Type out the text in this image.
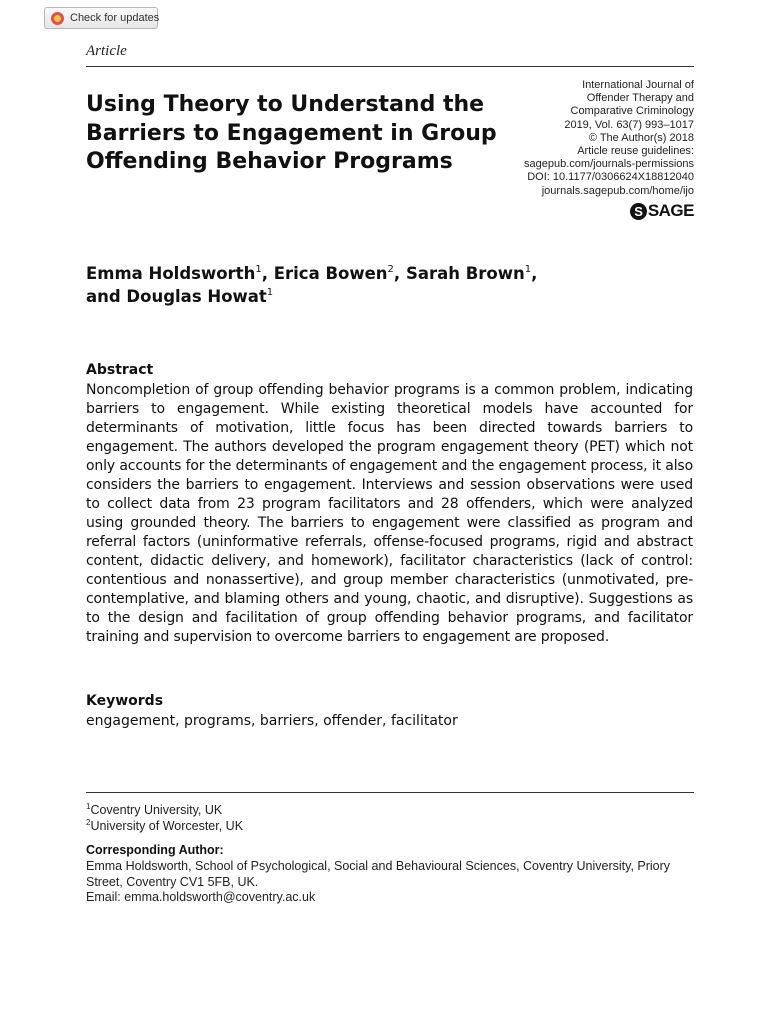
Check for updates
Article
Using Theory to Understand the Barriers to Engagement in Group Offending Behavior Programs
International Journal of
Offender Therapy and
Comparative Criminology
2019, Vol. 63(7) 993–1017
© The Author(s) 2018
Article reuse guidelines:
sagepub.com/journals-permissions
DOI: 10.1177/0306624X18812040
journals.sagepub.com/home/ijo
S SAGE

Emma Holdsworth$^1$, Erica Bowen$^2$, Sarah Brown$^1$,
and Douglas Howat$^1$

Abstract

Noncompletion of group offending behavior programs is a common problem, indicating barriers to engagement. While existing theoretical models have accounted for determinants of motivation, little focus has been directed towards barriers to engagement. The authors developed the program engagement theory (PET) which not only accounts for the determinants of engagement and the engagement process, it also considers the barriers to engagement. Interviews and session observations were used to collect data from 23 program facilitators and 28 offenders, which were analyzed using grounded theory. The barriers to engagement were classified as program and referral factors (uninformative referrals, offense-focused programs, rigid and abstract content, didactic delivery, and homework), facilitator characteristics (lack of control: contentious and nonassertive), and group member characteristics (unmotivated, pre-contemplative, and blaming others and young, chaotic, and disruptive). Suggestions as to the design and facilitation of group offending behavior programs, and facilitator training and supervision to overcome barriers to engagement are proposed.

Keywords
engagement, programs, barriers, offender, facilitator
$^1$Coventry University, UK
$^2$University of Worcester, UK
Corresponding Author:
Emma Holdsworth, School of Psychological, Social and Behavioural Sciences, Coventry University, Priory Street, Coventry CV1 5FB, UK.
Email: emma.holdsworth@coventry.ac.uk
